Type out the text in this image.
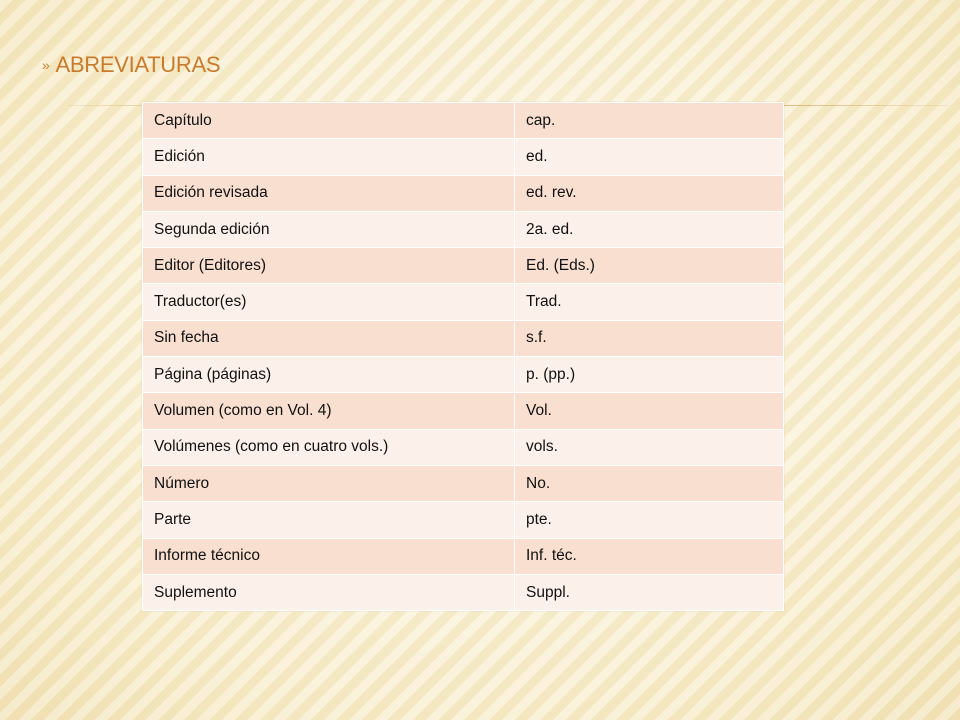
» ABREVIATURAS
Capítulo	cap.
Edición	ed.
Edición revisada	ed. rev.
Segunda edición	2a. ed.
Editor (Editores)	Ed. (Eds.)
Traductor(es)	Trad.
Sin fecha	s.f.
Página (páginas)	p. (pp.)
Volumen (como en Vol. 4)	Vol.
Volúmenes (como en cuatro vols.)	vols.
Número	No.
Parte	pte.
Informe técnico	Inf. téc.
Suplemento	Suppl.
